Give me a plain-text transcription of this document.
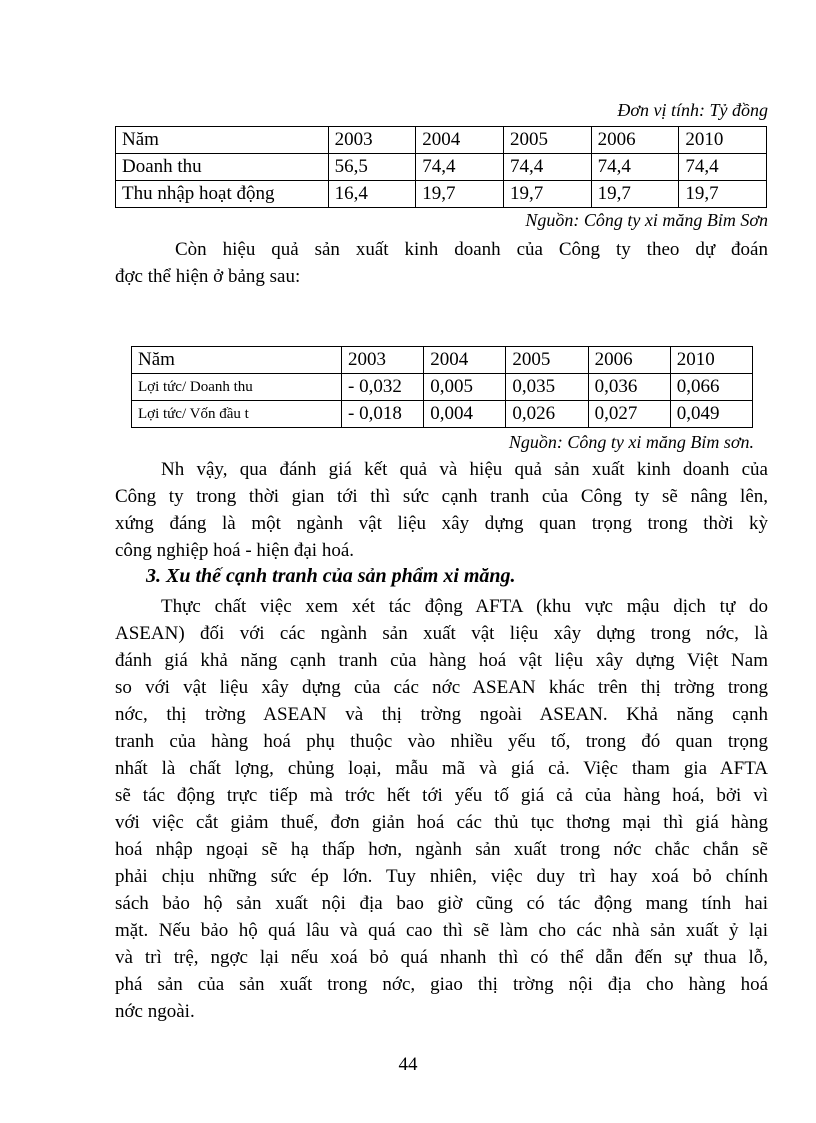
Đơn vị tính: Tỷ đồng
Năm	2003	2004	2005	2006	2010
Doanh thu	56,5	74,4	74,4	74,4	74,4
Thu nhập hoạt động	16,4	19,7	19,7	19,7	19,7
Nguồn: Công ty xi măng Bỉm Sơn
Còn hiệu quả sản xuất kinh doanh của Công ty theo dự đoán
đợc thể hiện ở bảng sau:
Năm	2003	2004	2005	2006	2010
Lợi tức/ Doanh thu	- 0,032	0,005	0,035	0,036	0,066
Lợi tức/ Vốn đầu t	- 0,018	0,004	0,026	0,027	0,049
Nguồn: Công ty xi măng Bỉm sơn.
Nh vậy, qua đánh giá kết quả và hiệu quả sản xuất kinh doanh của
Công ty trong thời gian tới thì sức cạnh tranh của Công ty sẽ nâng lên,
xứng đáng là một ngành vật liệu xây dựng quan trọng trong thời kỳ
công nghiệp hoá - hiện đại hoá.
3. Xu thế cạnh tranh của sản phẩm xi măng.
Thực chất việc xem xét tác động AFTA (khu vực mậu dịch tự do
ASEAN) đối với các ngành sản xuất vật liệu xây dựng trong nớc, là
đánh giá khả năng cạnh tranh của hàng hoá vật liệu xây dựng Việt Nam
so với vật liệu xây dựng của các nớc ASEAN khác trên thị trờng trong
nớc, thị trờng ASEAN và thị trờng ngoài ASEAN. Khả năng cạnh
tranh của hàng hoá phụ thuộc vào nhiều yếu tố, trong đó quan trọng
nhất là chất lợng, chủng loại, mẫu mã và giá cả. Việc tham gia AFTA
sẽ tác động trực tiếp mà trớc hết tới yếu tố giá cả của hàng hoá, bởi vì
với việc cắt giảm thuế, đơn giản hoá các thủ tục thơng mại thì giá hàng
hoá nhập ngoại sẽ hạ thấp hơn, ngành sản xuất trong nớc chắc chắn sẽ
phải chịu những sức ép lớn. Tuy nhiên, việc duy trì hay xoá bỏ chính
sách bảo hộ sản xuất nội địa bao giờ cũng có tác động mang tính hai
mặt. Nếu bảo hộ quá lâu và quá cao thì sẽ làm cho các nhà sản xuất ỷ lại
và trì trệ, ngợc lại nếu xoá bỏ quá nhanh thì có thể dẫn đến sự thua lỗ,
phá sản của sản xuất trong nớc, giao thị trờng nội địa cho hàng hoá
nớc ngoài.
44
